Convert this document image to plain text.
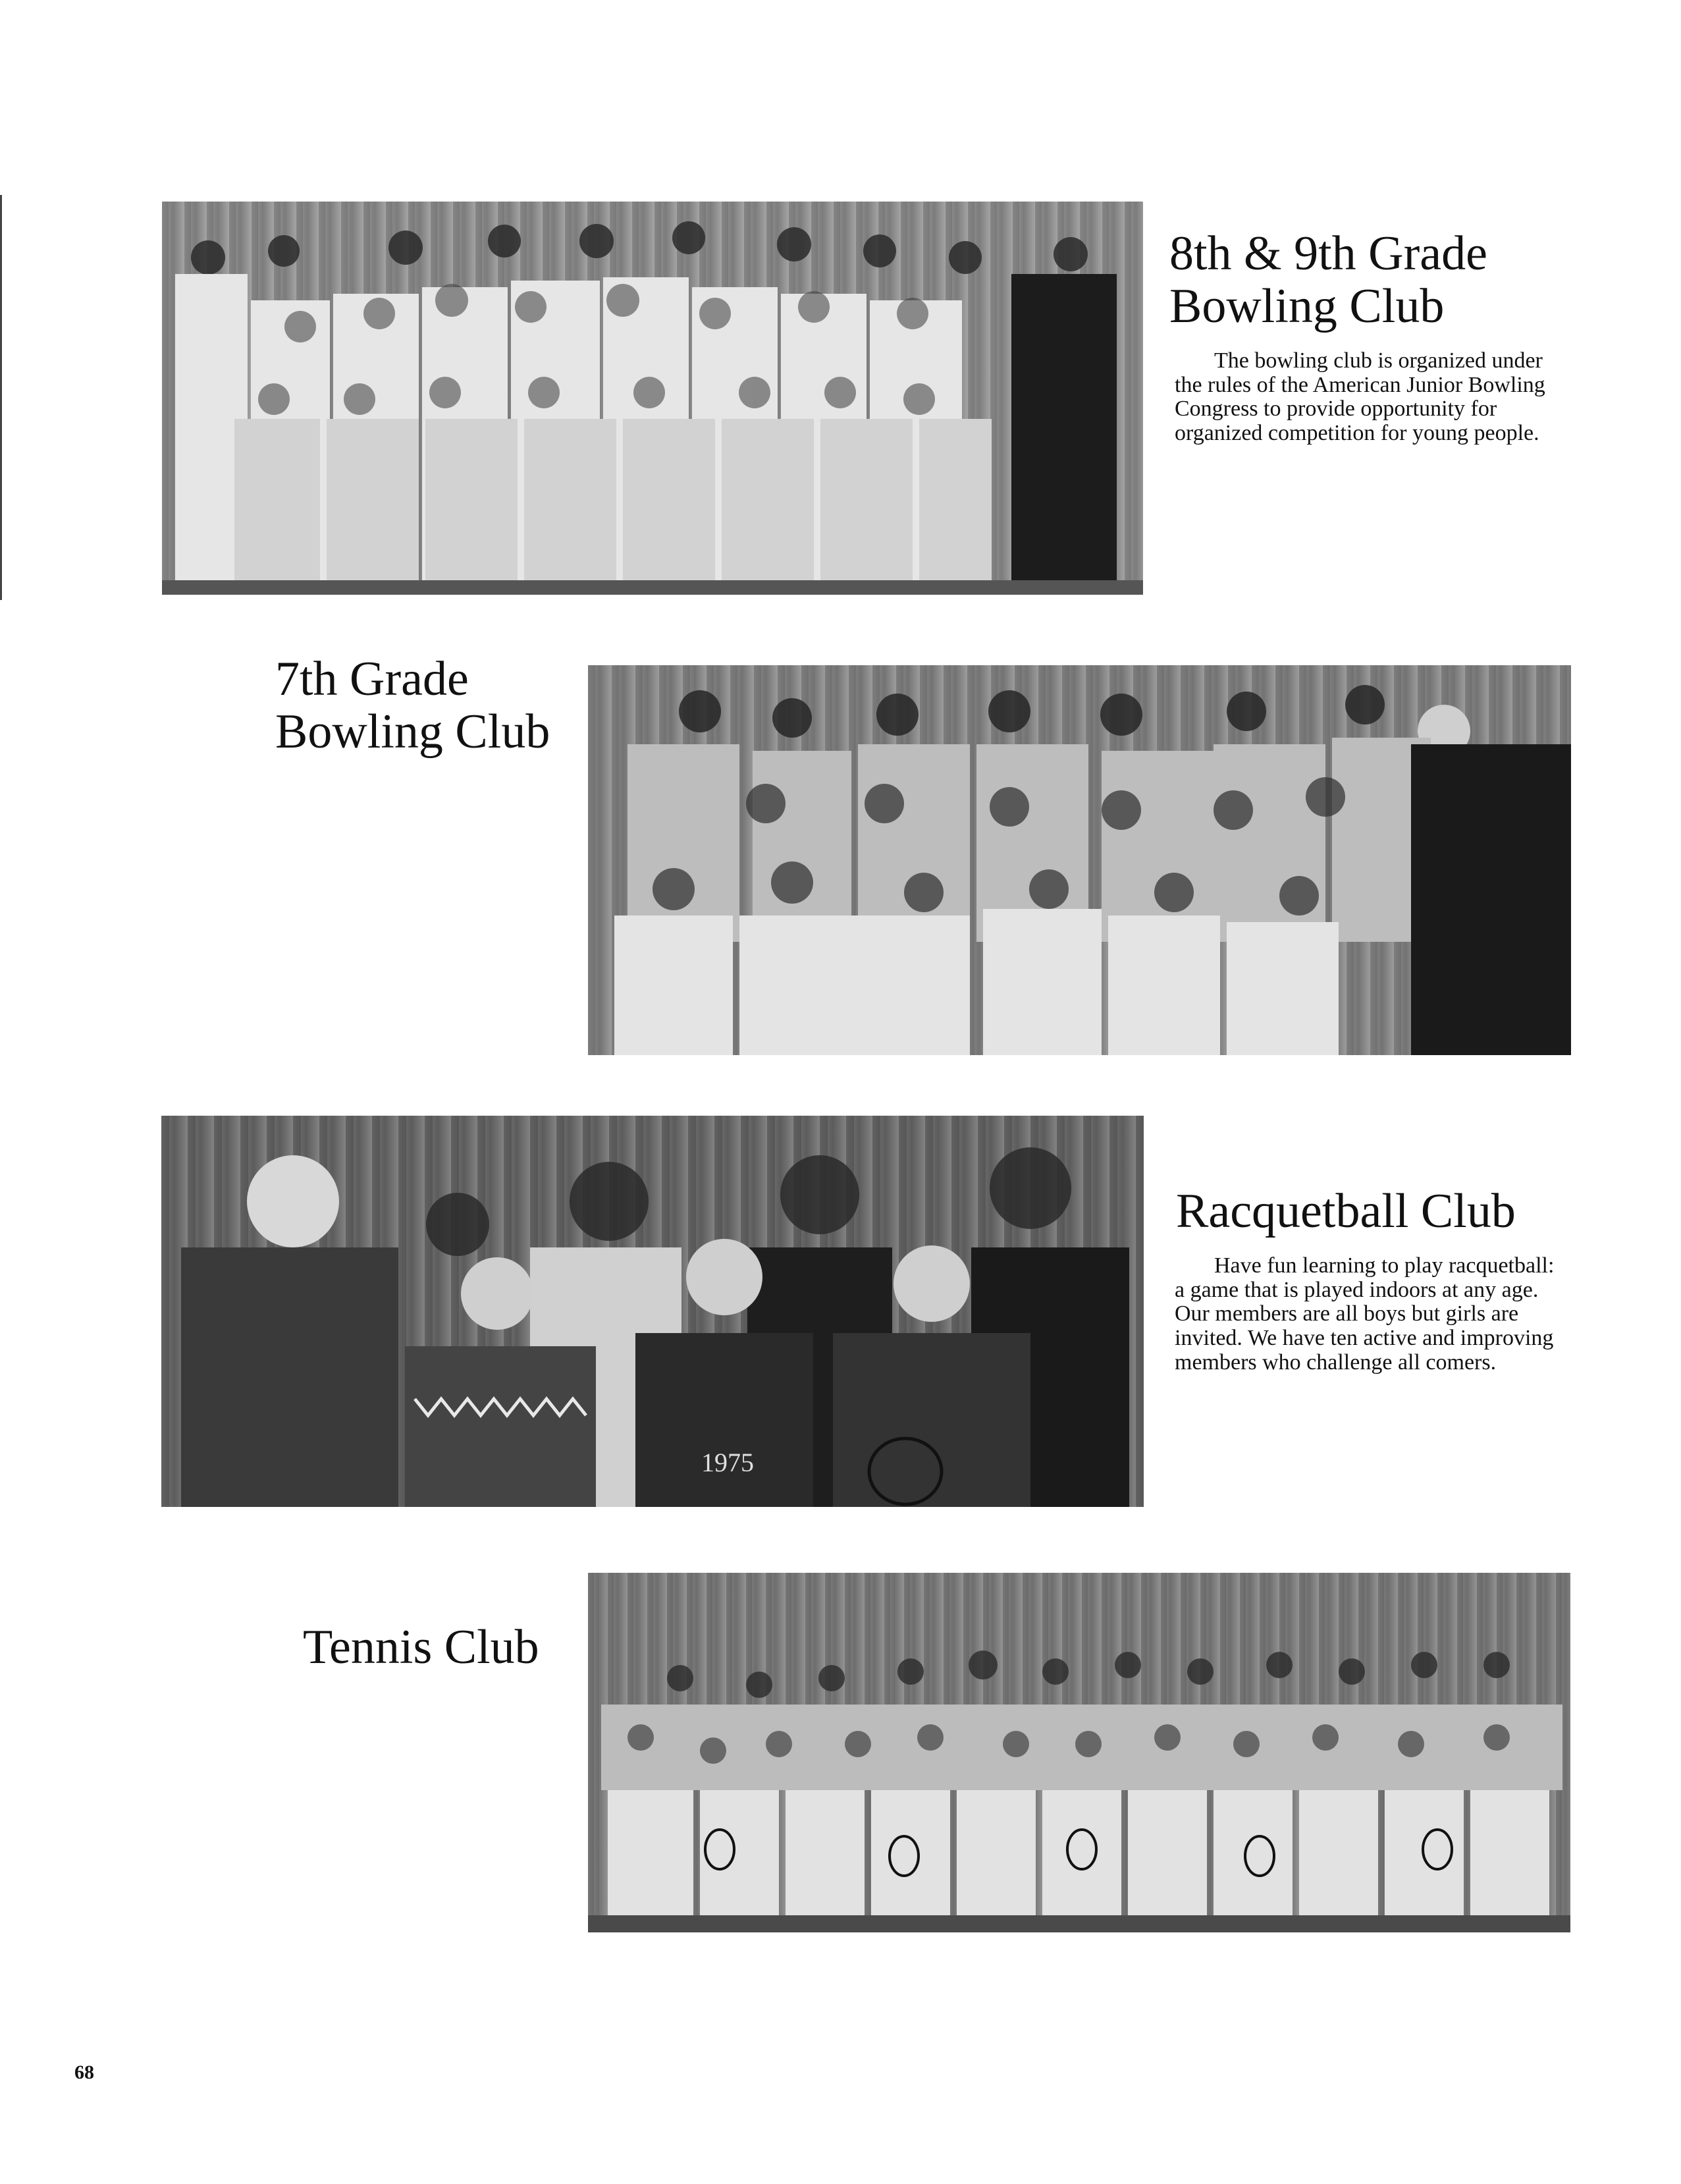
8th & 9th Grade
Bowling Club

The bowling club is organized under the rules of the American Junior Bowling Congress to provide opportunity for organized competition for young people.

7th Grade
Bowling Club
1975
Racquetball Club

Have fun learning to play racquetball: a game that is played indoors at any age. Our members are all boys but girls are invited. We have ten active and improving members who challenge all comers.

Tennis Club
68
